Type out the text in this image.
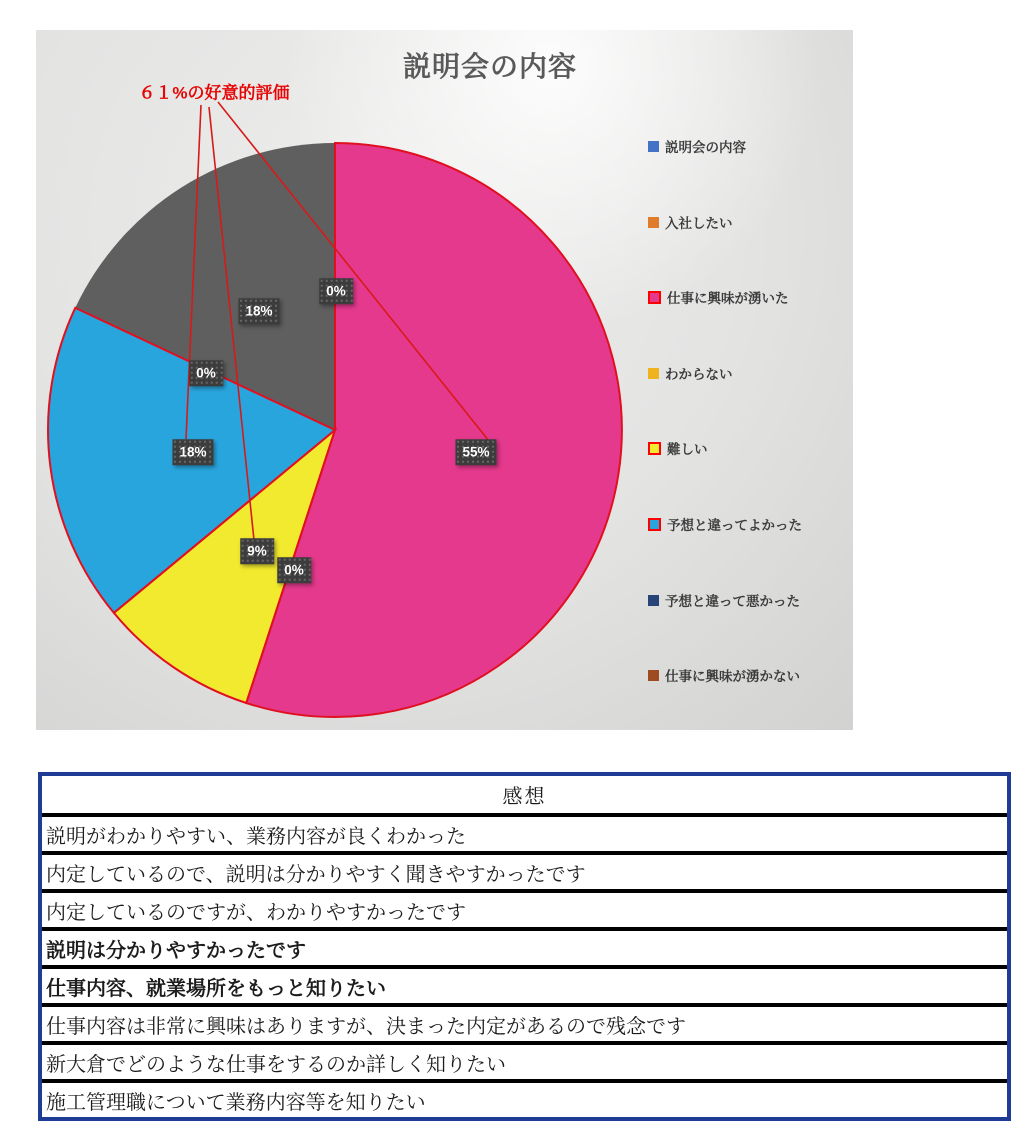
説明会の内容
６１%の好意的評価
説明会の内容
入社したい
仕事に興味が湧いた
わからない
難しい
予想と違ってよかった
予想と違って悪かった
仕事に興味が湧かない
0%
55%
0%
9%
18%
0%
18%
感想
説明がわかりやすい、業務内容が良くわかった
内定しているので、説明は分かりやすく聞きやすかったです
内定しているのですが、わかりやすかったです
説明は分かりやすかったです
仕事内容、就業場所をもっと知りたい
仕事内容は非常に興味はありますが、決まった内定があるので残念です
新大倉でどのような仕事をするのか詳しく知りたい
施工管理職について業務内容等を知りたい
